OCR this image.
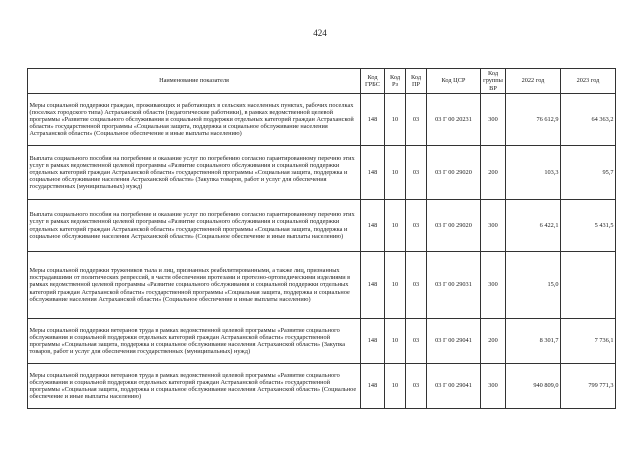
424
Наименование показателя	Код ГРБС	Код Рз	Код ПР	Код ЦСР	Код группы ВР	2022 год	2023 год
Меры социальной поддержки граждан, проживающих и работающих в сельских населенных пунктах, рабочих поселках (поселках городского типа) Астраханской области (педагогические работники), в рамках ведомственной целевой программы «Развитие социального обслуживания и социальной поддержки отдельных категорий граждан Астраханской области» государственной программы «Социальная защита, поддержка и социальное обслуживание населения Астраханской области» (Социальное обеспечение и иные выплаты населению)	148	10	03	03 Г 00 20231	300	76 612,9	64 363,2
Выплата социального пособия на погребение и оказание услуг по погребению согласно гарантированному перечню этих услуг в рамках ведомственной целевой программы «Развитие социального обслуживания и социальной поддержки отдельных категорий граждан Астраханской области» государственной программы «Социальная защита, поддержка и социальное обслуживание населения Астраханской области» (Закупка товаров, работ и услуг для обеспечения государственных (муниципальных) нужд)	148	10	03	03 Г 00 29020	200	103,3	95,7
Выплата социального пособия на погребение и оказание услуг по погребению согласно гарантированному перечню этих услуг в рамках ведомственной целевой программы «Развитие социального обслуживания и социальной поддержки отдельных категорий граждан Астраханской области» государственной программы «Социальная защита, поддержка и социальное обслуживание населения Астраханской области» (Социальное обеспечение и иные выплаты населению)	148	10	03	03 Г 00 29020	300	6 422,1	5 431,5
Меры социальной поддержки тружеников тыла и лиц, признанных реабилитированными, а также лиц, признанных пострадавшими от политических репрессий, в части обеспечения протезами и протезно-ортопедическими изделиями в рамках ведомственной целевой программы «Развитие социального обслуживания и социальной поддержки отдельных категорий граждан Астраханской области» государственной программы «Социальная защита, поддержка и социальное обслуживание населения Астраханской области» (Социальное обеспечение и иные выплаты населению)	148	10	03	03 Г 00 29031	300	15,0	
Меры социальной поддержки ветеранов труда в рамках ведомственной целевой программы «Развитие социального обслуживания и социальной поддержки отдельных категорий граждан Астраханской области» государственной программы «Социальная защита, поддержка и социальное обслуживание населения Астраханской области» (Закупка товаров, работ и услуг для обеспечения государственных (муниципальных) нужд)	148	10	03	03 Г 00 29041	200	8 301,7	7 736,1
Меры социальной поддержки ветеранов труда в рамках ведомственной целевой программы «Развитие социального обслуживания и социальной поддержки отдельных категорий граждан Астраханской области» государственной программы «Социальная защита, поддержка и социальное обслуживание населения Астраханской области» (Социальное обеспечение и иные выплаты населению)	148	10	03	03 Г 00 29041	300	940 809,0	799 771,3
